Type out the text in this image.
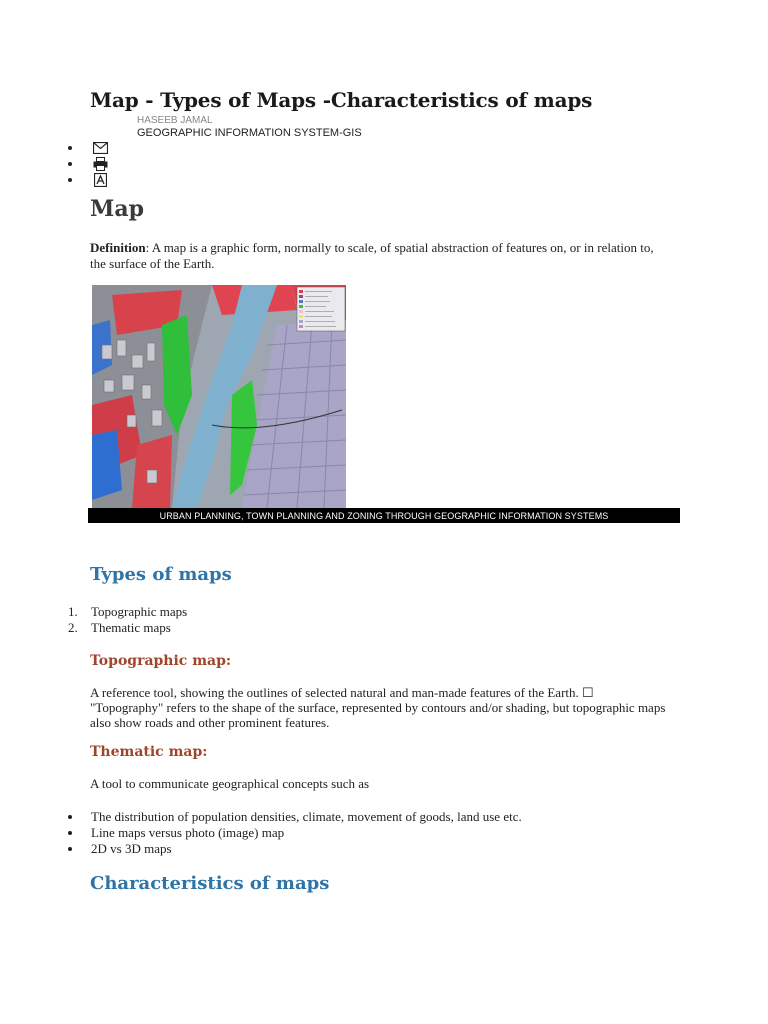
Map - Types of Maps -Characteristics of maps
HASEEB JAMAL
GEOGRAPHIC INFORMATION SYSTEM-GIS
Map

Definition: A map is a graphic form, normally to scale, of spatial abstraction of features on, or in relation to, the surface of the Earth.

URBAN PLANNING, TOWN PLANNING AND ZONING THROUGH GEOGRAPHIC INFORMATION SYSTEMS
Types of maps
1.	Topographic maps
2.	Thematic maps
Topographic map:

A reference tool, showing the outlines of selected natural and man-made features of the Earth. ☐ "Topography" refers to the shape of the surface, represented by contours and/or shading, but topographic maps also show roads and other prominent features.

Thematic map:

A tool to communicate geographical concepts such as

The distribution of population densities, climate, movement of goods, land use etc.
Line maps versus photo (image) map
2D vs 3D maps
Characteristics of maps
